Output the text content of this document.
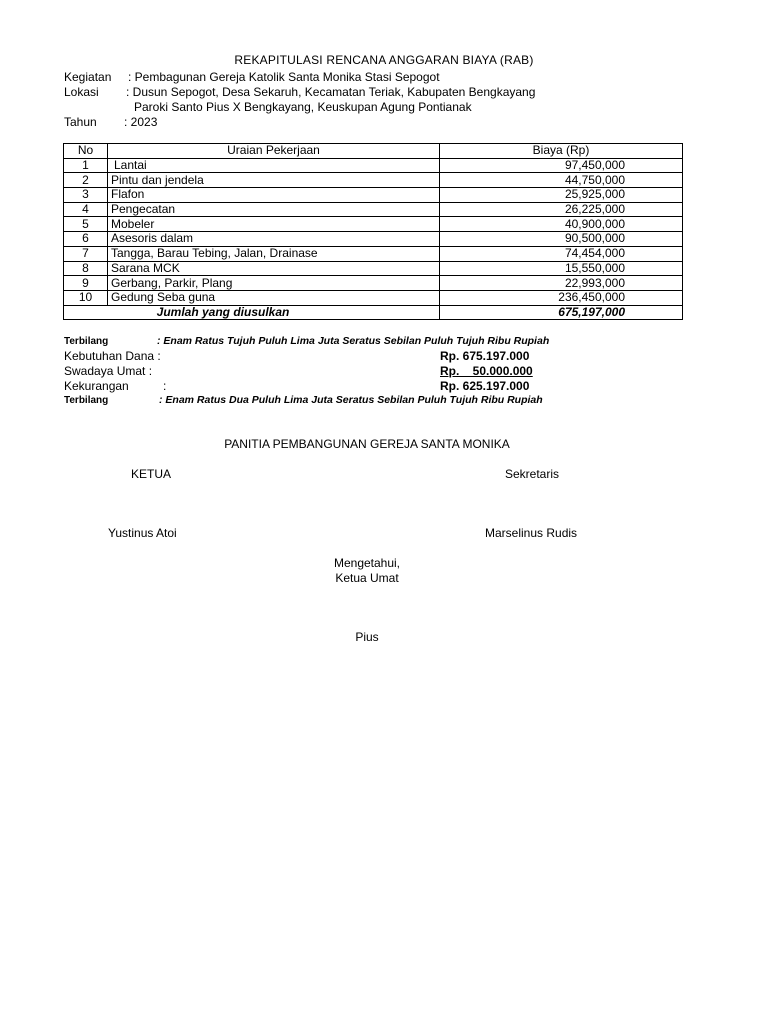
REKAPITULASI RENCANA ANGGARAN BIAYA (RAB)
Kegiatan : Pembagunan Gereja Katolik Santa Monika Stasi Sepogot
Lokasi : Dusun Sepogot, Desa Sekaruh, Kecamatan Teriak, Kabupaten Bengkayang
Paroki Santo Pius X Bengkayang, Keuskupan Agung Pontianak
Tahun : 2023
No	Uraian Pekerjaan	Biaya (Rp)
1	Lantai	97,450,000
2	Pintu dan jendela	44,750,000
3	Flafon	25,925,000
4	Pengecatan	26,225,000
5	Mobeler	40,900,000
6	Asesoris dalam	90,500,000
7	Tangga, Barau Tebing, Jalan, Drainase	74,454,000
8	Sarana MCK	15,550,000
9	Gerbang, Parkir, Plang	22,993,000
10	Gedung Seba guna	236,450,000
Jumlah yang diusulkan		675,197,000
Terbilang	: Enam Ratus Tujuh Puluh Lima Juta Seratus Sebilan Puluh Tujuh Ribu Rupiah
Kebutuhan Dana :	Rp. 675.197.000
Swadaya Umat :	Rp.    50.000.000
Kekurangan	:	Rp. 625.197.000
Terbilang	: Enam Ratus Dua Puluh Lima Juta Seratus Sebilan Puluh Tujuh Ribu Rupiah
PANITIA PEMBANGUNAN GEREJA SANTA MONIKA
KETUA	Sekretaris
Yustinus Atoi	Marselinus Rudis
Mengetahui,
Ketua Umat
Pius
